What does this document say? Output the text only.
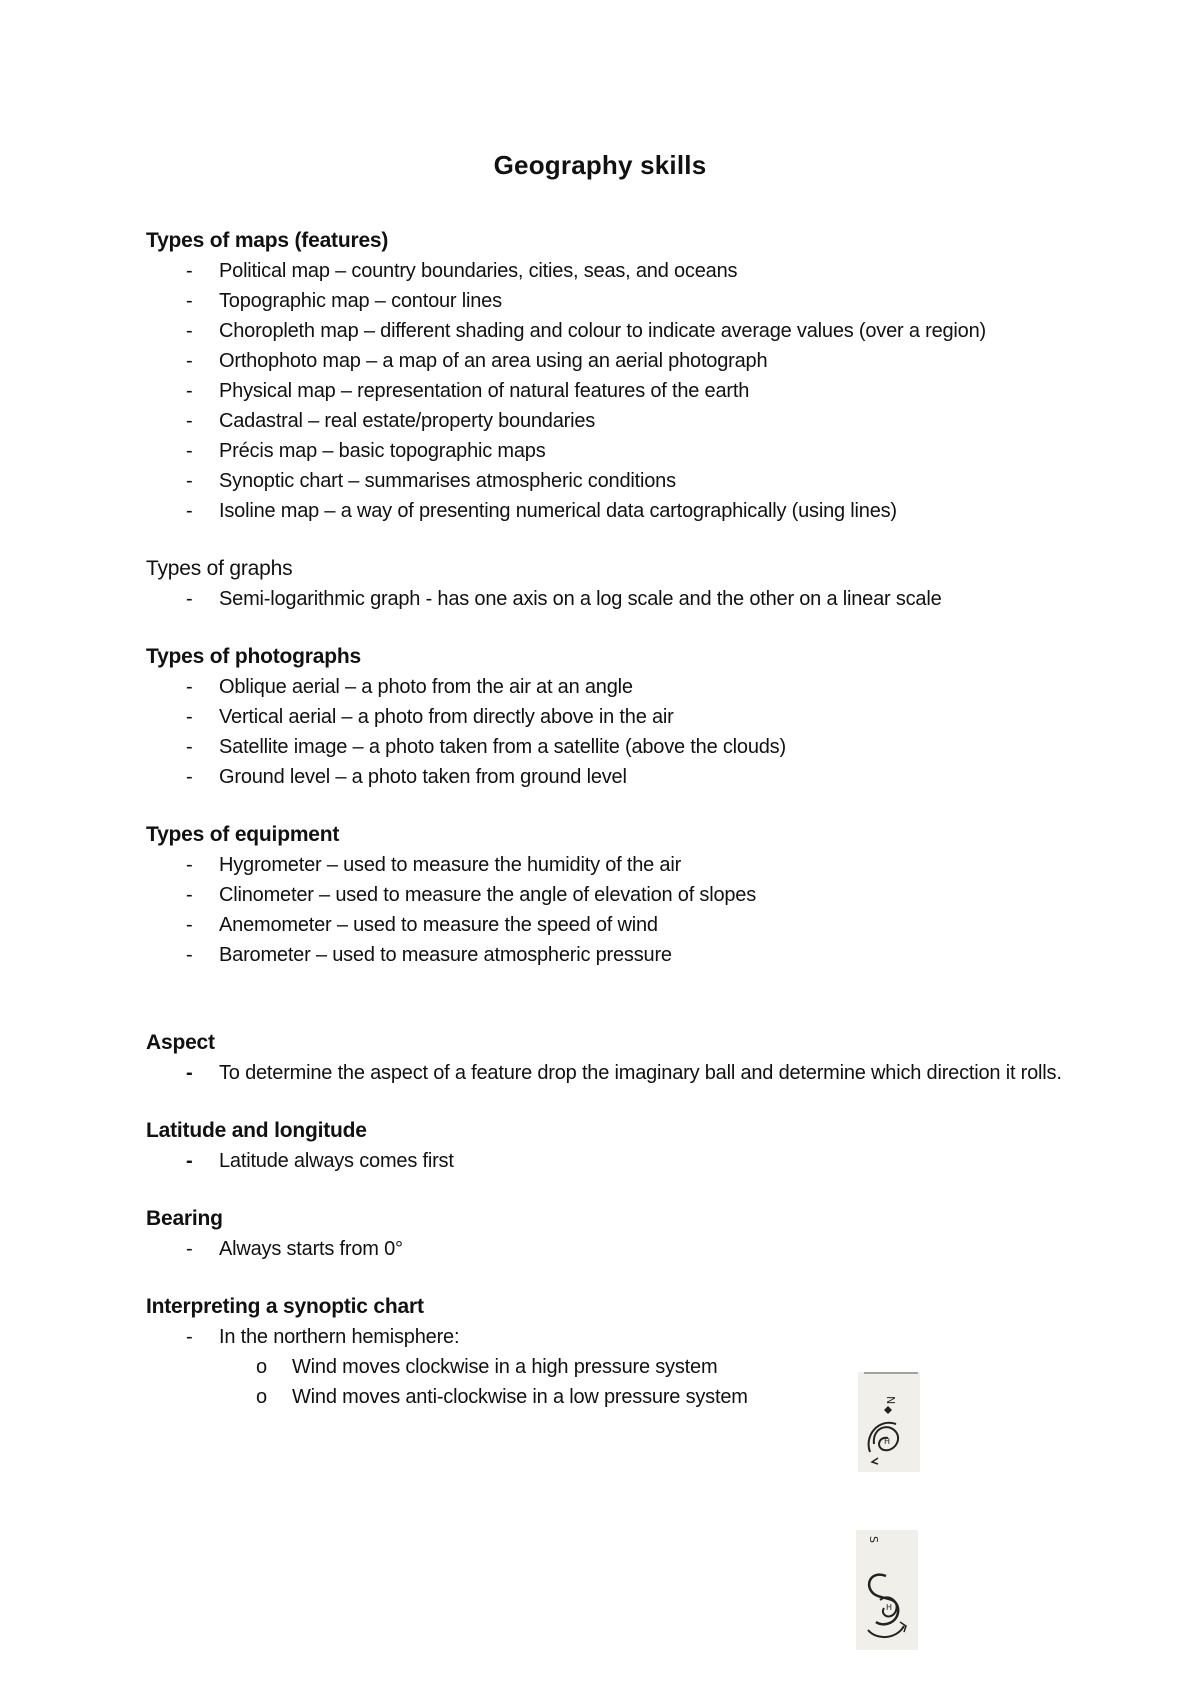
Geography skills
Types of maps (features)
- Political map – country boundaries, cities, seas, and oceans
- Topographic map – contour lines
- Choropleth map – different shading and colour to indicate average values (over a region)
- Orthophoto map – a map of an area using an aerial photograph
- Physical map – representation of natural features of the earth
- Cadastral – real estate/property boundaries
- Précis map – basic topographic maps
- Synoptic chart – summarises atmospheric conditions
- Isoline map – a way of presenting numerical data cartographically (using lines)
Types of graphs
- Semi-logarithmic graph - has one axis on a log scale and the other on a linear scale
Types of photographs
- Oblique aerial – a photo from the air at an angle
- Vertical aerial – a photo from directly above in the air
- Satellite image – a photo taken from a satellite (above the clouds)
- Ground level – a photo taken from ground level
Types of equipment
- Hygrometer – used to measure the humidity of the air
- Clinometer – used to measure the angle of elevation of slopes
- Anemometer – used to measure the speed of wind
- Barometer – used to measure atmospheric pressure
Aspect
- To determine the aspect of a feature drop the imaginary ball and determine which direction it rolls.
Latitude and longitude
- Latitude always comes first
Bearing
- Always starts from 0°
Interpreting a synoptic chart
- In the northern hemisphere:
o Wind moves clockwise in a high pressure system
o Wind moves anti-clockwise in a low pressure system	N
H
S
H
